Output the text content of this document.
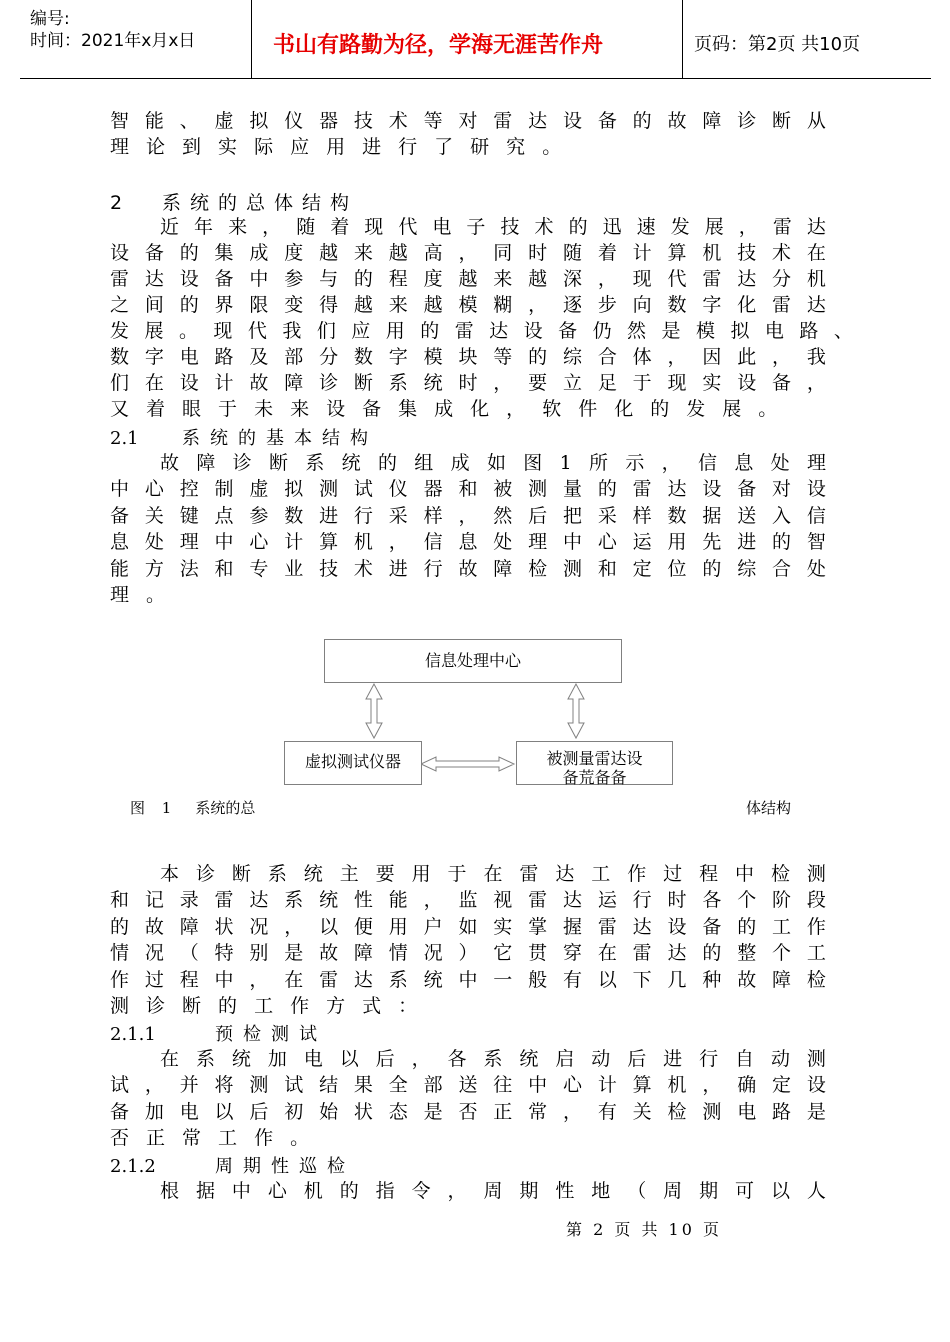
编号:
时间：2021年x月x日	书山有路勤为径，学海无涯苦作舟	页码：第2页 共10页
智 能 、 虚 拟 仪 器 技 术 等 对 雷 达 设 备 的 故 障 诊 断 从
理 论 到 实 际 应 用 进 行 了 研 究 。
2 系统的总体结构
近 年 来 ， 随 着 现 代 电 子 技 术 的 迅 速 发 展 ， 雷 达
设 备 的 集 成 度 越 来 越 高 ， 同 时 随 着 计 算 机 技 术 在
雷 达 设 备 中 参 与 的 程 度 越 来 越 深 ， 现 代 雷 达 分 机
之 间 的 界 限 变 得 越 来 越 模 糊 ， 逐 步 向 数 字 化 雷 达
发 展 。 现 代 我 们 应 用 的 雷 达 设 备 仍 然 是 模 拟 电 路 、
数 字 电 路 及 部 分 数 字 模 块 等 的 综 合 体 ， 因 此 ， 我
们 在 设 计 故 障 诊 断 系 统 时 ， 要 立 足 于 现 实 设 备 ，
又 着 眼 于 未 来 设 备 集 成 化 ， 软 件 化 的 发 展 。
2.1 系统的基本结构
故 障 诊 断 系 统 的 组 成 如 图 1 所 示 ， 信 息 处 理
中 心 控 制 虚 拟 测 试 仪 器 和 被 测 量 的 雷 达 设 备 对 设
备 关 键 点 参 数 进 行 采 样 ， 然 后 把 采 样 数 据 送 入 信
息 处 理 中 心 计 算 机 ， 信 息 处 理 中 心 运 用 先 进 的 智
能 方 法 和 专 业 技 术 进 行 故 障 检 测 和 定 位 的 综 合 处
理 。
信息处理中心
虚拟测试仪器	被测量雷达设
备荒备备
图 1 系统的总	体结构
本 诊 断 系 统 主 要 用 于 在 雷 达 工 作 过 程 中 检 测
和 记 录 雷 达 系 统 性 能 ， 监 视 雷 达 运 行 时 各 个 阶 段
的 故 障 状 况 ， 以 便 用 户 如 实 掌 握 雷 达 设 备 的 工 作
情 况 （ 特 别 是 故 障 情 况 ） 它 贯 穿 在 雷 达 的 整 个 工
作 过 程 中 ， 在 雷 达 系 统 中 一 般 有 以 下 几 种 故 障 检
测 诊 断 的 工 作 方 式 ：
2.1.1	预检测试
在 系 统 加 电 以 后 ， 各 系 统 启 动 后 进 行 自 动 测
试 ， 并 将 测 试 结 果 全 部 送 往 中 心 计 算 机 ， 确 定 设
备 加 电 以 后 初 始 状 态 是 否 正 常 ， 有 关 检 测 电 路 是
否 正 常 工 作 。
2.1.2	周期性巡检
根 据 中 心 机 的 指 令 ， 周 期 性 地 （ 周 期 可 以 人
第 2 页 共 10 页
